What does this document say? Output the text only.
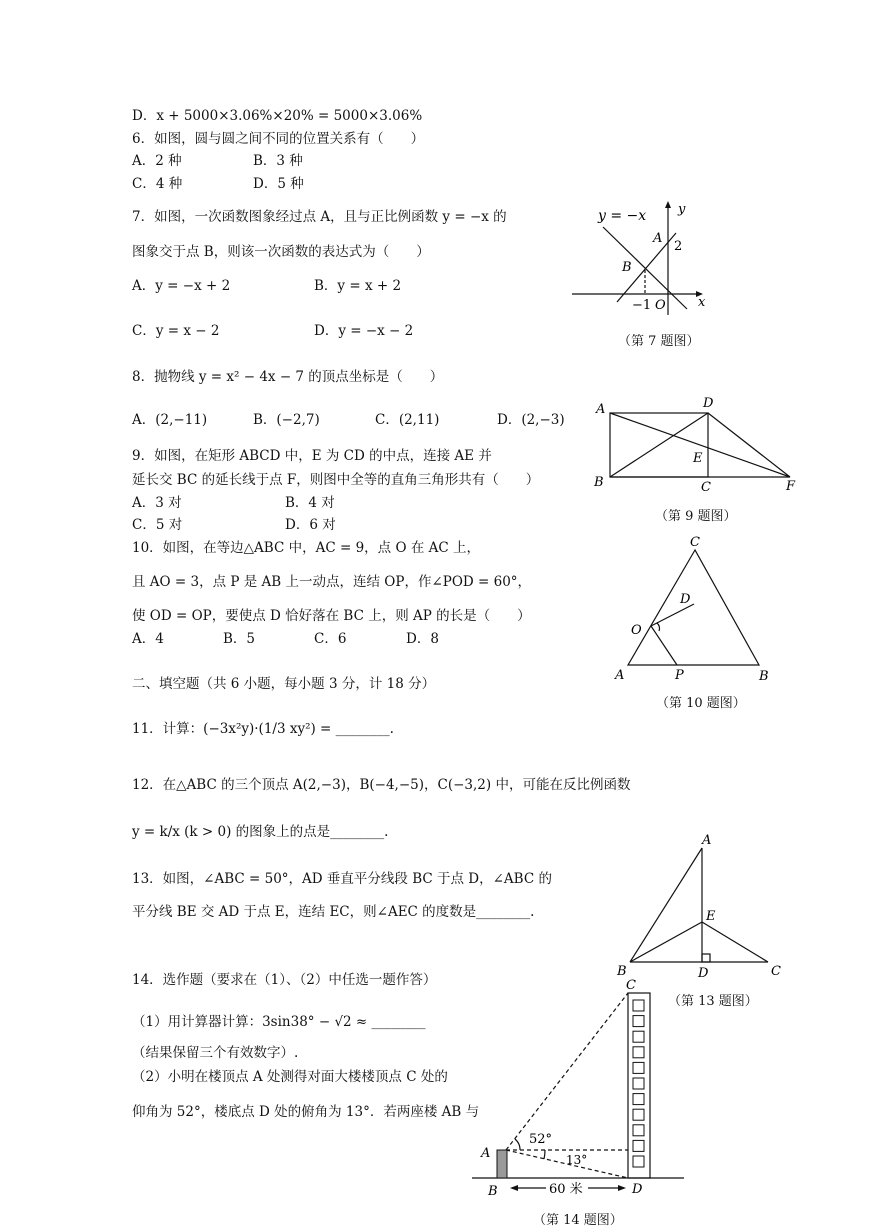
D．x + 5000×3.06%×20% = 5000×3.06%
6．如图，圆与圆之间不同的位置关系有（　　）
A．2 种	B．3 种
C．4 种	D．5 种
7．如图，一次函数图象经过点 A，且与正比例函数 y = −x 的
图象交于点 B，则该一次函数的表达式为（　　）
A．y = −x + 2	B．y = x + 2
C．y = x − 2	D．y = −x − 2
8．抛物线 y = x² − 4x − 7 的顶点坐标是（　　）
A．(2,−11)	B．(−2,7)	C．(2,11)	D．(2,−3)
9．如图，在矩形 ABCD 中，E 为 CD 的中点，连接 AE 并
延长交 BC 的延长线于点 F，则图中全等的直角三角形共有（　　）
A．3 对	B．4 对
C．5 对	D．6 对
10．如图，在等边△ABC 中，AC = 9，点 O 在 AC 上，
且 AO = 3，点 P 是 AB 上一动点，连结 OP，作∠POD = 60°，
使 OD = OP，要使点 D 恰好落在 BC 上，则 AP 的长是（　　）
A．4	B．5	C．6	D．8
二、填空题（共 6 小题，每小题 3 分，计 18 分）
11．计算：(−3x²y)·(1/3 xy²) = ________.
12．在△ABC 的三个顶点 A(2,−3)，B(−4,−5)，C(−3,2) 中，可能在反比例函数
y = k/x (k > 0) 的图象上的点是________.
13．如图，∠ABC = 50°，AD 垂直平分线段 BC 于点 D，∠ABC 的
平分线 BE 交 AD 于点 E，连结 EC，则∠AEC 的度数是________.
14．选作题（要求在（1）、（2）中任选一题作答）
（1）用计算器计算：3sin38° − √2 ≈ ________
（结果保留三个有效数字）.
（2）小明在楼顶点 A 处测得对面大楼楼顶点 C 处的
仰角为 52°，楼底点 D 处的俯角为 13°．若两座楼 AB 与
y = −x y
x
A
B
2
−1 O
（第 7 题图）
A	D
B	C
E
F
（第 9 题图）
C
D
O
A	P	B
（第 10 题图）
A
E
B	D	C
（第 13 题图）
C
A
B	D
52°
13°
60 米
（第 14 题图）
